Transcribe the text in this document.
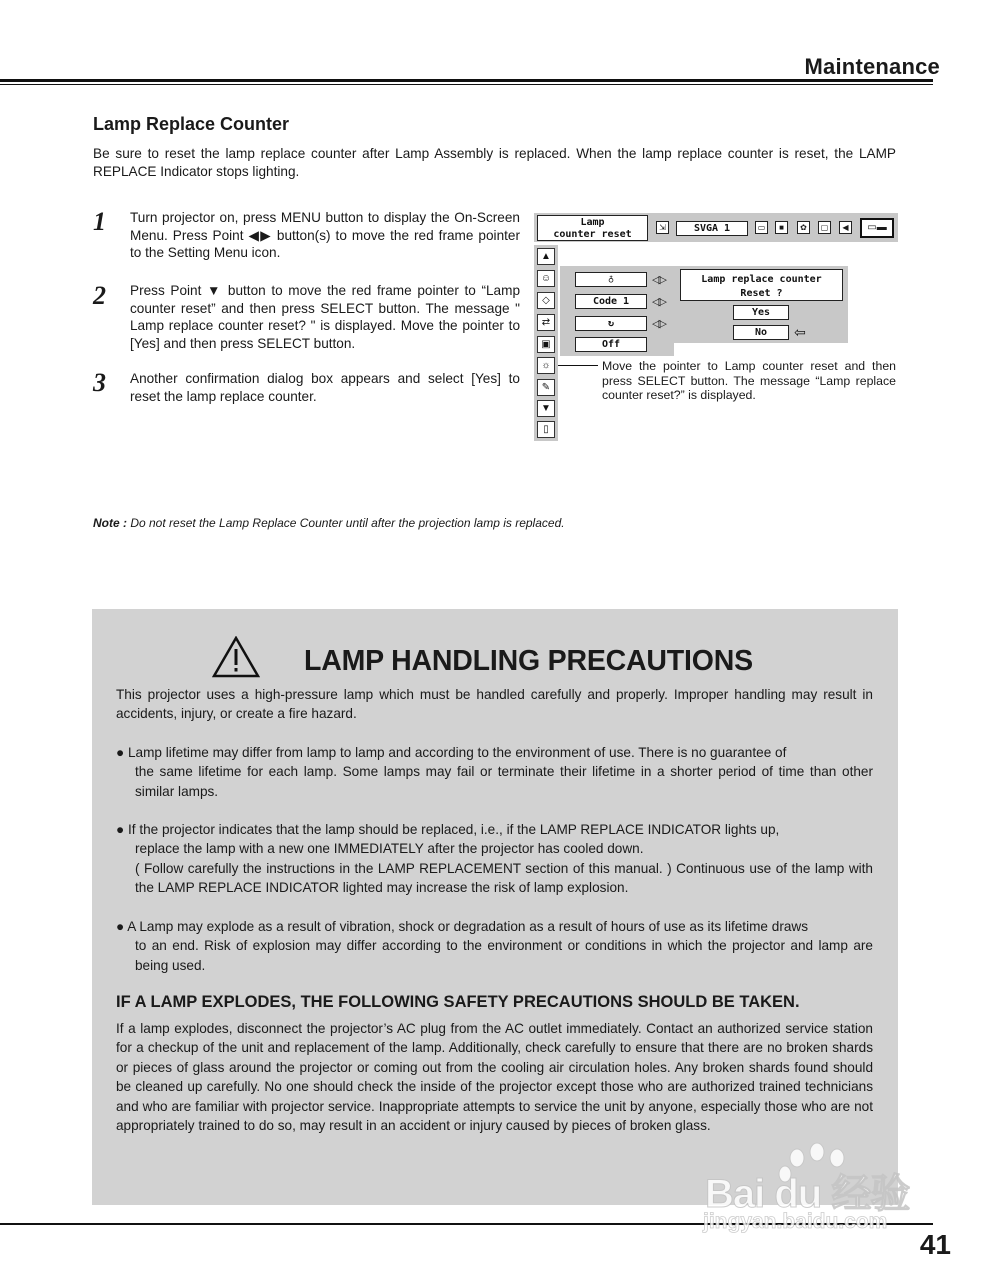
Maintenance
Lamp Replace Counter
Be sure to reset the lamp replace counter after Lamp Assembly is replaced. When the lamp replace counter is reset, the LAMP REPLACE Indicator stops lighting.
1 Turn projector on, press MENU button to display the On-Screen Menu. Press Point ◀▶ button(s) to move the red frame pointer to the Setting Menu icon.
2 Press Point ▼ button to move the red frame pointer to “Lamp counter reset” and then press SELECT button. The message " Lamp replace counter reset? " is displayed. Move the pointer to [Yes] and then press SELECT button.
3 Another confirmation dialog box appears and select [Yes] to reset the lamp replace counter.
Lamp
counter reset
⇲	SVGA 1	▭	■	✿	▢	◀	▭▬
▲
☺
◇
⇄
▣
☼
✎
▼
▯
♁	◁▷
Code 1	◁▷
↻	◁▷
Off
Lamp replace counter
Reset ?
Yes
No	⇦
Move the pointer to Lamp counter reset and then press SELECT button. The message “Lamp replace counter reset?” is displayed.
Note : Do not reset the Lamp Replace Counter until after the projection lamp is replaced.
LAMP HANDLING PRECAUTIONS
This projector uses a high-pressure lamp which must be handled carefully and properly. Improper handling may result in accidents, injury, or create a fire hazard.
● Lamp lifetime may differ from lamp to lamp and according to the environment of use. There is no guarantee of
the same lifetime for each lamp. Some lamps may fail or terminate their lifetime in a shorter period of time than other similar lamps.
● If the projector indicates that the lamp should be replaced, i.e., if the LAMP REPLACE INDICATOR lights up,
replace the lamp with a new one IMMEDIATELY after the projector has cooled down.
( Follow carefully the instructions in the LAMP REPLACEMENT section of this manual. ) Continuous use of the lamp with the LAMP REPLACE INDICATOR lighted may increase the risk of lamp explosion.
● A Lamp may explode as a result of vibration, shock or degradation as a result of hours of use as its lifetime draws
to an end. Risk of explosion may differ according to the environment or conditions in which the projector and lamp are being used.
IF A LAMP EXPLODES, THE FOLLOWING SAFETY PRECAUTIONS SHOULD BE TAKEN.
If a lamp explodes, disconnect the projector’s AC plug from the AC outlet immediately. Contact an authorized service station for a checkup of the unit and replacement of the lamp. Additionally, check carefully to ensure that there are no broken shards or pieces of glass around the projector or coming out from the cooling air circulation holes. Any broken shards found should be cleaned up carefully. No one should check the inside of the projector except those who are authorized trained technicians and who are familiar with projector service. Inappropriate attempts to service the unit by anyone, especially those who are not appropriately trained to do so, may result in an accident or injury caused by pieces of broken glass.
41
Bai du 经验
jingyan.baidu.com
